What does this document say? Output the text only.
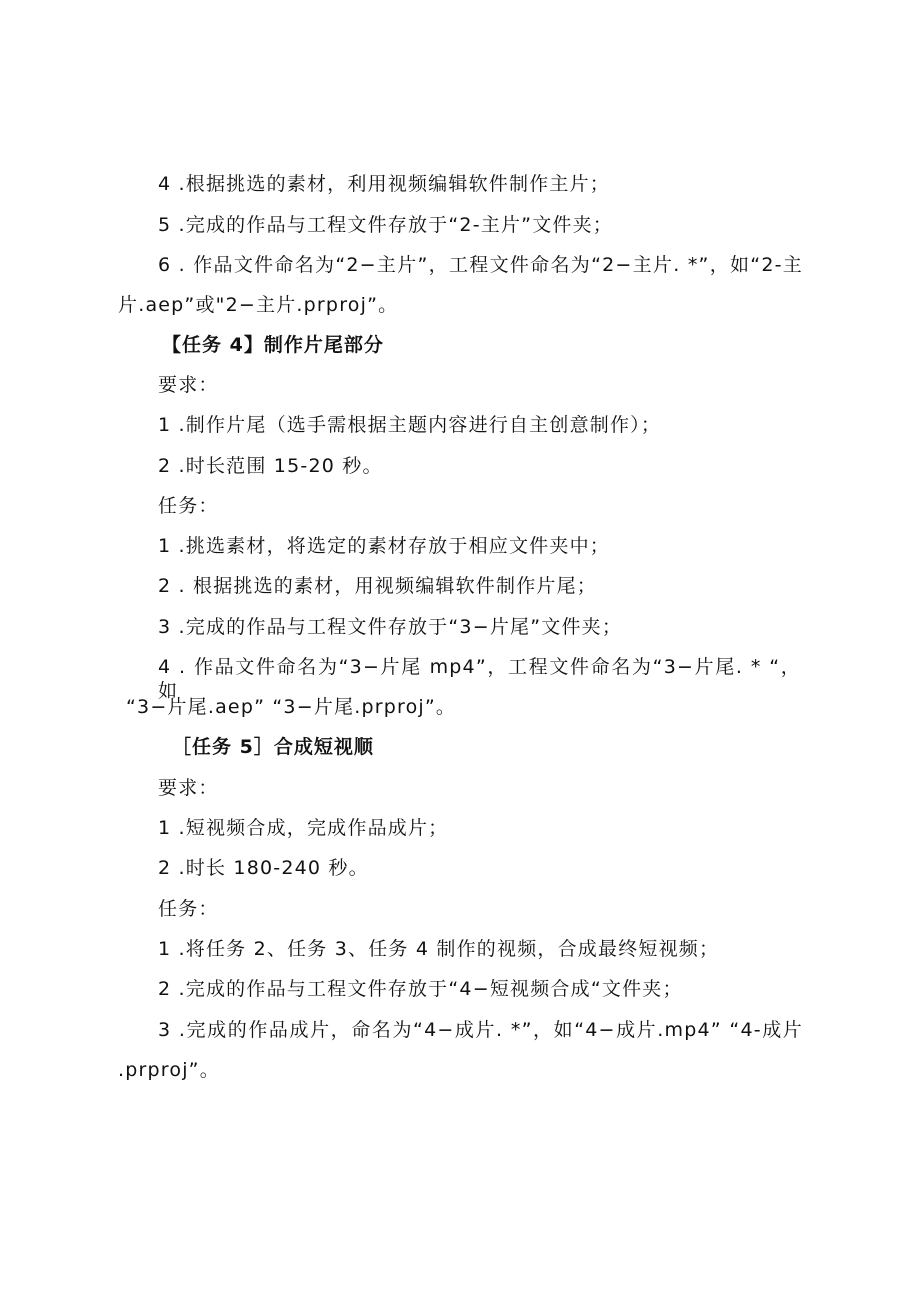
4 .根据挑选的素材，利用视频编辑软件制作主片；
5 .完成的作品与工程文件存放于“2-主片”文件夹；
6 . 作品文件命名为“2−主片”，工程文件命名为“2−主片. *”，如“2-主
片.aep”或"2−主片.prproj”。
【任务 4】制作片尾部分
要求：
1 .制作片尾（选手需根据主题内容进行自主创意制作）；
2 .时长范围 15-20 秒。
任务：
1 .挑选素材，将选定的素材存放于相应文件夹中；
2 . 根据挑选的素材，用视频编辑软件制作片尾；
3 .完成的作品与工程文件存放于“3−片尾”文件夹；
4 . 作品文件命名为“3−片尾 mp4”，工程文件命名为“3−片尾. * “，如
“3−片尾.aep” “3−片尾.prproj”。
［任务 5］合成短视顺
要求：
1 .短视频合成，完成作品成片；
2 .时长 180-240 秒。
任务：
1 .将任务 2、任务 3、任务 4 制作的视频，合成最终短视频；
2 .完成的作品与工程文件存放于“4−短视频合成“文件夹；
3 .完成的作品成片，命名为“4−成片. *”，如“4−成片.mp4” “4-成片
.prproj”。
